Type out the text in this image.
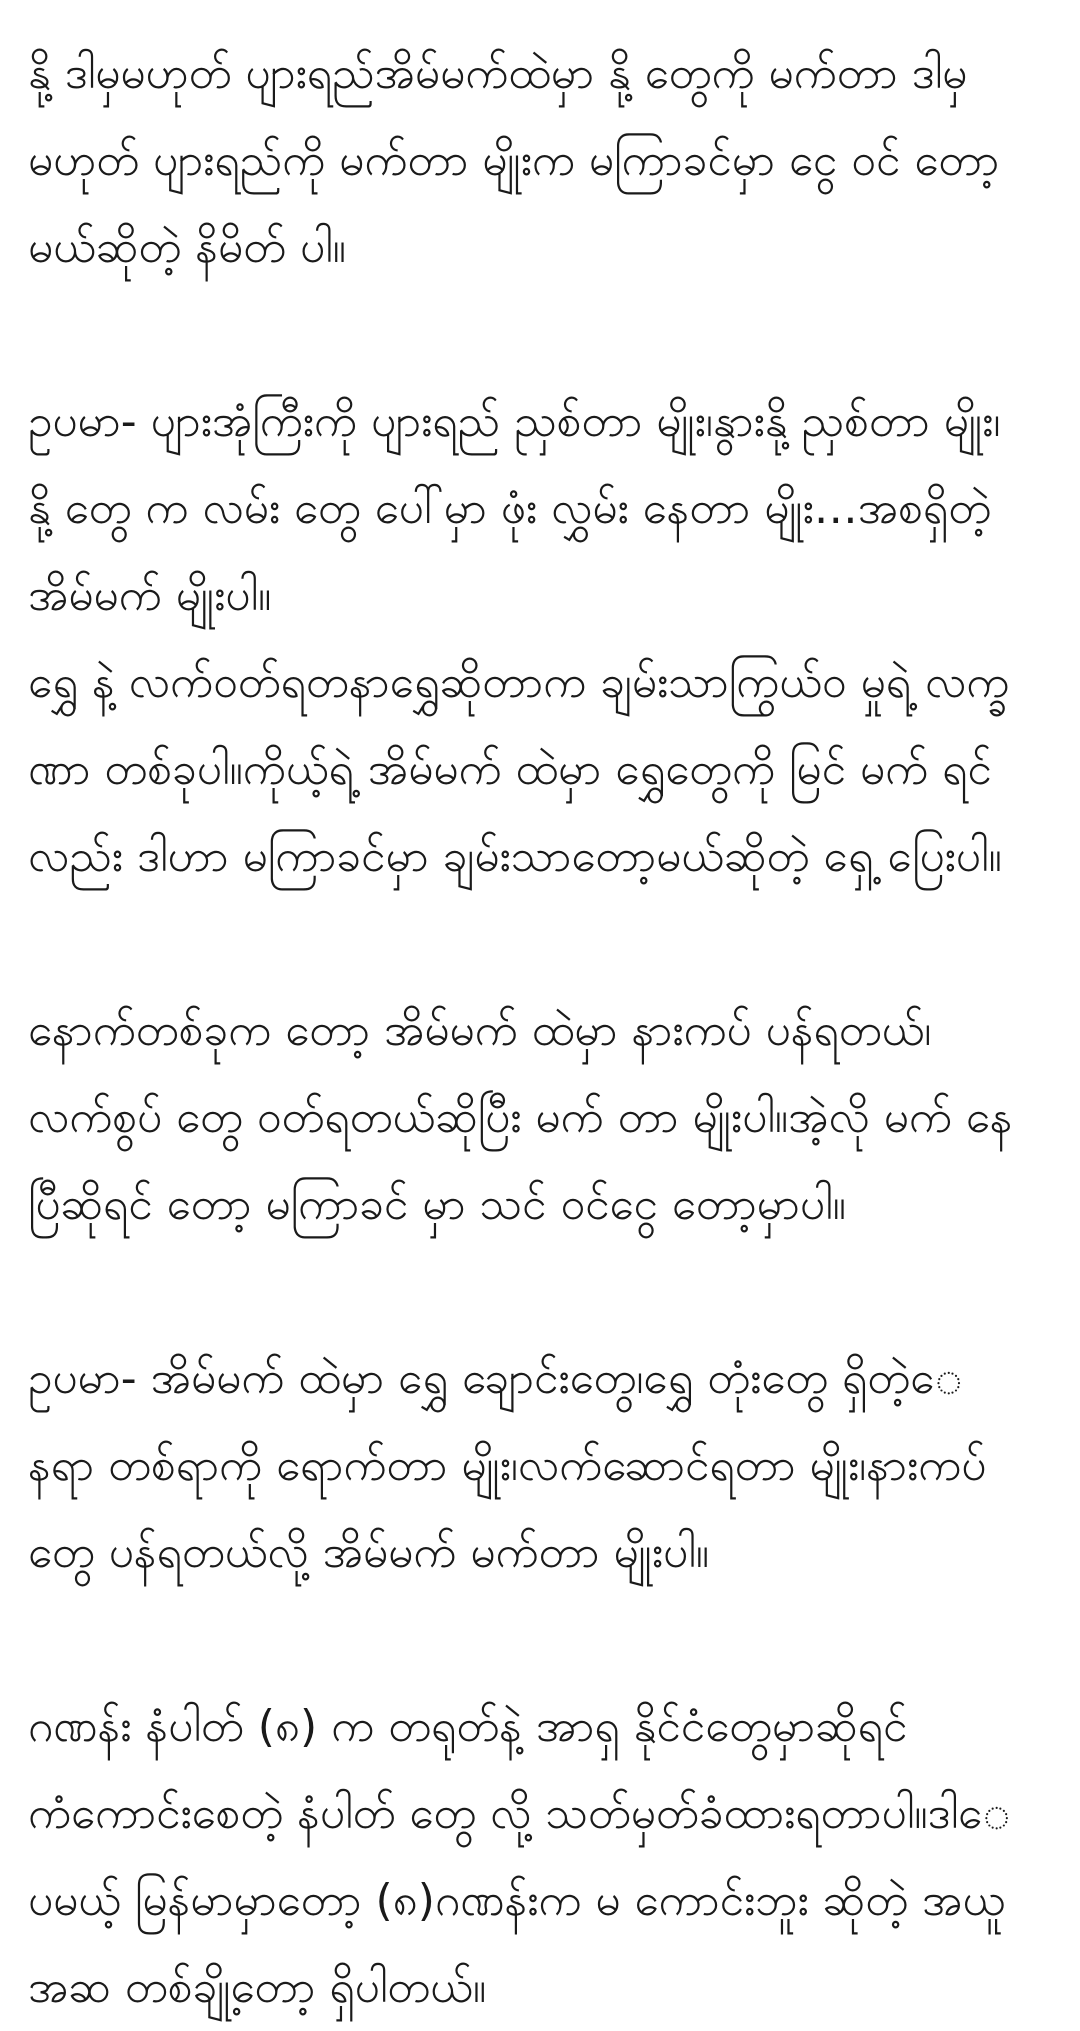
နို့ ဒါမှမဟုတ် ပျားရည်အိမ်မက်ထဲမှာ နို့ တွေကို မက်တာ ဒါမှ
မဟုတ် ပျားရည်ကို မက်တာ မျိုးက မကြာခင်မှာ ငွေ ဝင် တော့
မယ်ဆိုတဲ့ နိမိတ် ပါ။

ဥပမာ- ပျားအုံကြီးကို ပျားရည် ညှစ်တာ မျိုး၊နွားနို့ ညှစ်တာ မျိုး၊
နို့ တွေ က လမ်း တွေ ပေါ်မှာ ဖုံး လွှမ်း နေတာ မျိုး…အစရှိတဲ့
အိမ်မက် မျိုးပါ။

ရွှေ နဲ့ လက်ဝတ်ရတနာရွှေဆိုတာက ချမ်းသာကြွယ်ဝ မှုရဲ့ လက္ခ
ဏာ တစ်ခုပါ။ကိုယ့်ရဲ့ အိမ်မက် ထဲမှာ ရွှေတွေကို မြင် မက် ရင်
လည်း ဒါဟာ မကြာခင်မှာ ချမ်းသာတော့မယ်ဆိုတဲ့ ရှေ့ ပြေးပါ။

နောက်တစ်ခုက တော့ အိမ်မက် ထဲမှာ နားကပ် ပန်ရတယ်၊
လက်စွပ် တွေ ဝတ်ရတယ်ဆိုပြီး မက် တာ မျိုးပါ။အဲ့လို မက် နေ
ပြီဆိုရင် တော့ မကြာခင် မှာ သင် ဝင်ငွေ တော့မှာပါ။

ဥပမာ- အိမ်မက် ထဲမှာ ရွှေ ချောင်းတွေ၊ရွှေ တုံးတွေ ရှိတဲ့ေ
နရာ တစ်ရာကို ရောက်တာ မျိုး၊လက်ဆောင်ရတာ မျိုး၊နားကပ်
တွေ ပန်ရတယ်လို့ အိမ်မက် မက်တာ မျိုးပါ။

ဂဏန်း နံပါတ် (၈) က တရုတ်နဲ့ အာရှ နိုင်ငံတွေမှာဆိုရင်
ကံကောင်းစေတဲ့ နံပါတ် တွေ လို့ သတ်မှတ်ခံထားရတာပါ။ဒါေ
ပမယ့် မြန်မာမှာတော့ (၈)ဂဏန်းက မ ကောင်းဘူး ဆိုတဲ့ အယူ
အဆ တစ်ချို့တော့ ရှိပါတယ်။
